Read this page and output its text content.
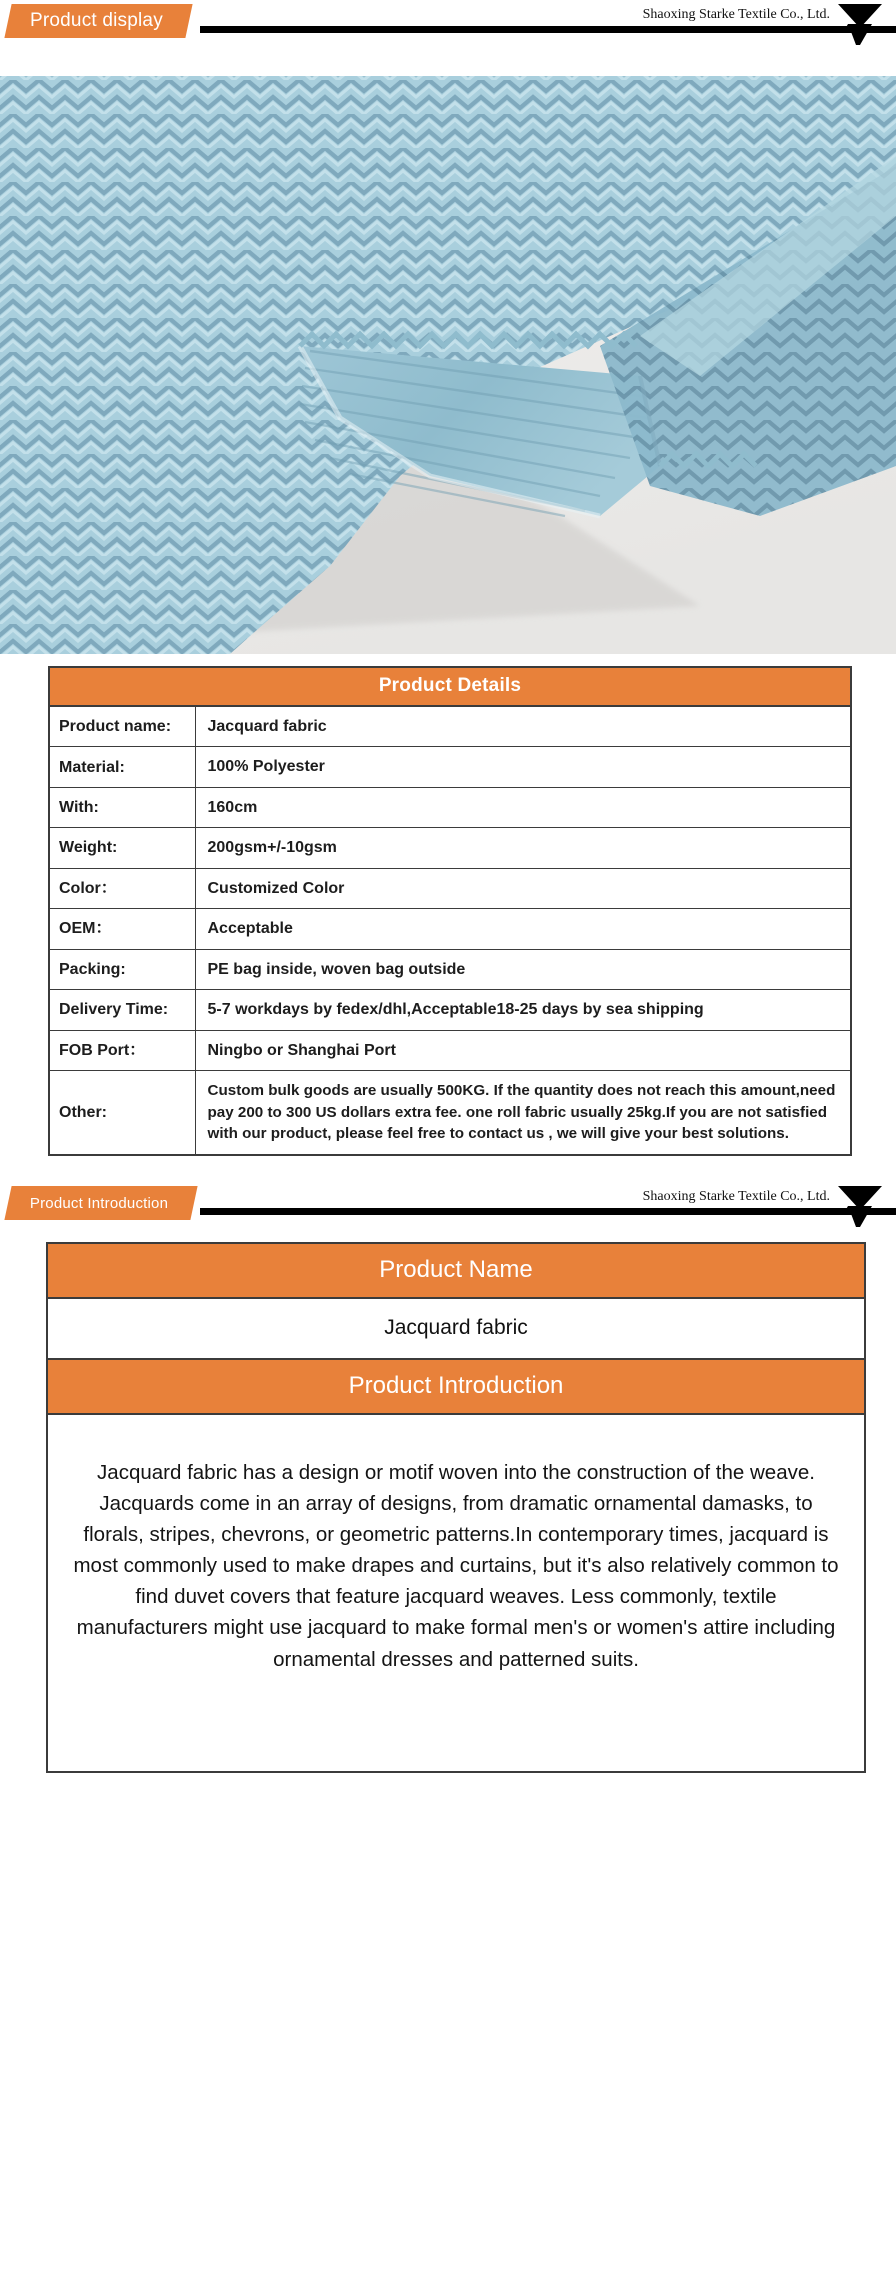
Product display	Shaoxing Starke Textile Co., Ltd.
Product Details	
Product name:	Jacquard fabric
Material:	100% Polyester
With:	160cm
Weight:	200gsm+/-10gsm
Color：	Customized Color
OEM：	Acceptable
Packing:	PE bag inside, woven bag outside
Delivery Time:	5-7 workdays by fedex/dhl,Acceptable18-25 days by sea shipping
FOB Port：	Ningbo or Shanghai Port
Other:	Custom bulk goods are usually 500KG. If the quantity does not reach this amount,need pay 200 to 300 US dollars extra fee. one roll fabric usually 25kg.If you are not satisfied with our product, please feel free to contact us , we will give your best solutions.
Product Introduction	Shaoxing Starke Textile Co., Ltd.
Product Name
Jacquard fabric
Product Introduction

Jacquard fabric has a design or motif woven into the construction of the weave. Jacquards come in an array of designs, from dramatic ornamental damasks, to florals, stripes, chevrons, or geometric patterns.In contemporary times, jacquard is most commonly used to make drapes and curtains, but it's also relatively common to find duvet covers that feature jacquard weaves. Less commonly, textile manufacturers might use jacquard to make formal men's or women's attire including ornamental dresses and patterned suits.
